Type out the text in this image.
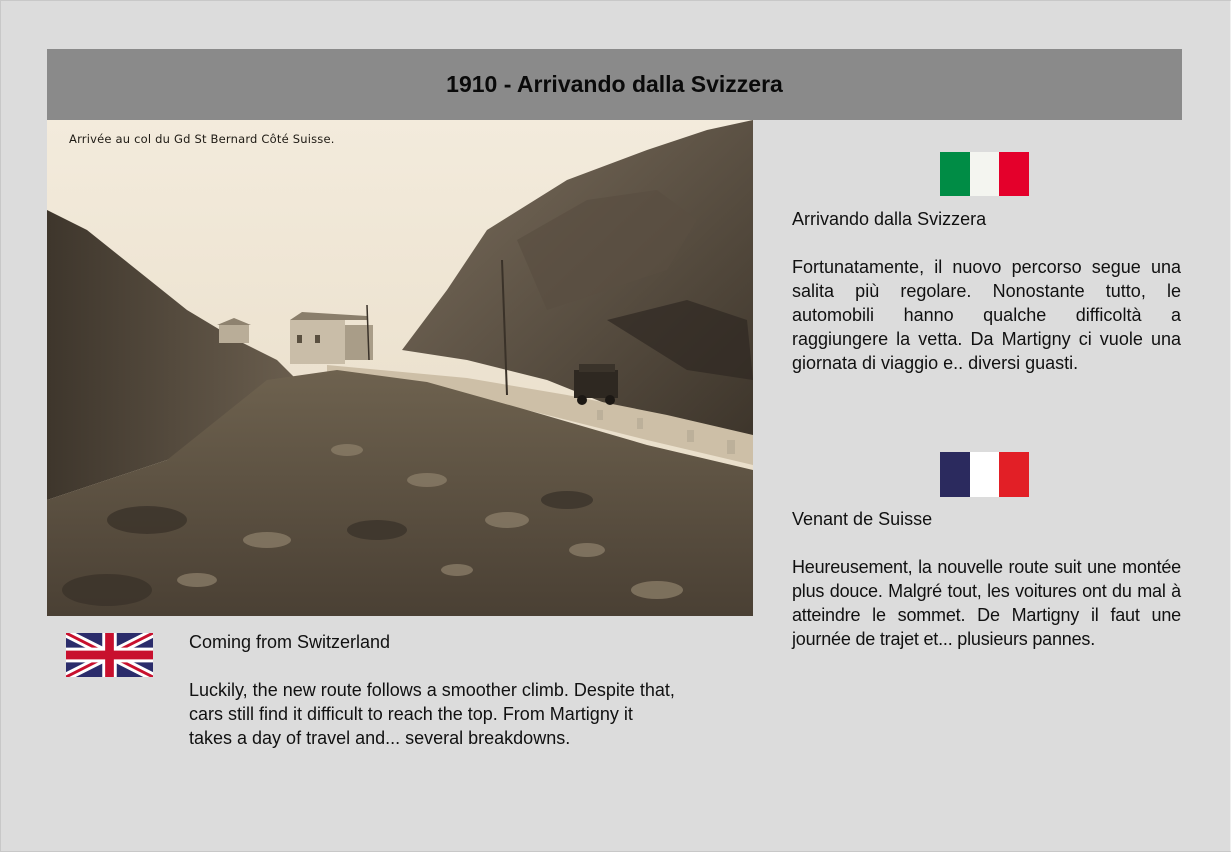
1910 - Arrivando dalla Svizzera
Arrivée au col du Gd St Bernard Côté Suisse.

Arrivando dalla Svizzera

Fortunatamente, il nuovo percorso segue una salita più regolare. Nonostante tutto, le automobili hanno qualche difficoltà a raggiungere la vetta. Da Martigny ci vuole una giornata di viaggio e.. diversi guasti.

Venant de Suisse

Heureusement, la nouvelle route suit une montée plus douce. Malgré tout, les voitures ont du mal à atteindre le sommet. De Martigny il faut une journée de trajet et... plusieurs pannes.

Coming from Switzerland

Luckily, the new route follows a smoother climb. Despite that, cars still find it difficult to reach the top. From Martigny it takes a day of travel and... several breakdowns.
